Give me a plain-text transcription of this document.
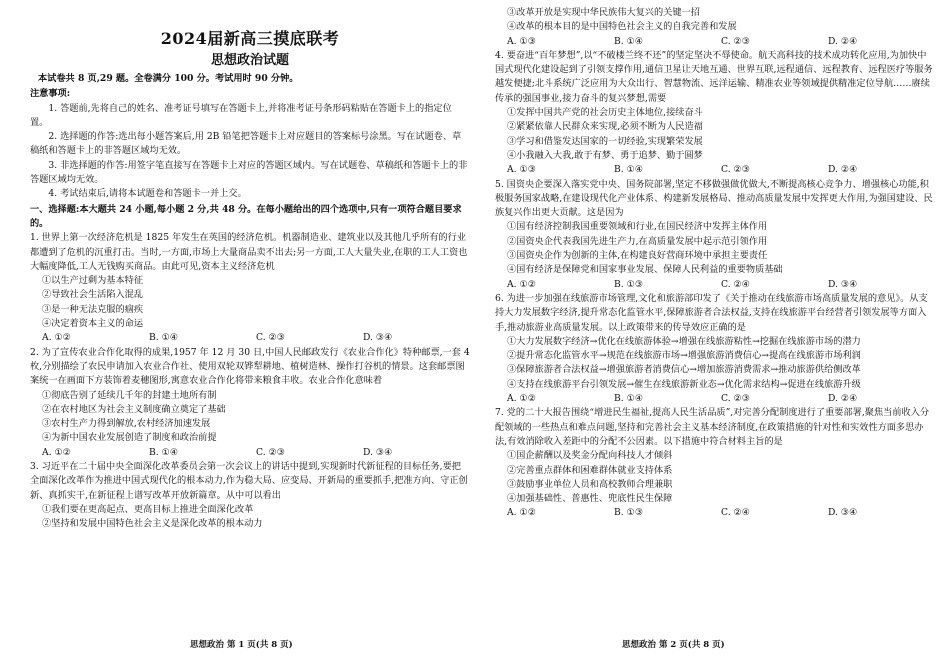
2024届新高三摸底联考
思想政治试题
本试卷共 8 页,29 题。全卷满分 100 分。考试用时 90 分钟。
注意事项:

1. 答题前,先将自己的姓名、准考证号填写在答题卡上,并将准考证号条形码粘贴在答题卡上的指定位置。

2. 选择题的作答:选出每小题答案后,用 2B 铅笔把答题卡上对应题目的答案标号涂黑。写在试题卷、草稿纸和答题卡上的非答题区域均无效。

3. 非选择题的作答:用签字笔直接写在答题卡上对应的答题区域内。写在试题卷、草稿纸和答题卡上的非答题区域均无效。

4. 考试结束后,请将本试题卷和答题卡一并上交。

一、选择题:本大题共 24 小题,每小题 2 分,共 48 分。在每小题给出的四个选项中,只有一项符合题目要求的。

1. 世界上第一次经济危机是 1825 年发生在英国的经济危机。机器制造业、建筑业以及其他几乎所有的行业都遭到了危机的沉重打击。当时,一方面,市场上大量商品卖不出去;另一方面,工人大量失业,在职的工人工资也大幅度降低,工人无钱购买商品。由此可见,资本主义经济危机

①以生产过剩为基本特征

②导致社会生活陷入混乱

③是一种无法克服的痼疾

④决定着资本主义的命运

A. ①②	B. ①④	C. ②③	D. ③④

2. 为了宣传农业合作化取得的成果,1957 年 12 月 30 日,中国人民邮政发行《农业合作化》特种邮票,一套 4 枚,分别描绘了农民申请加入农业合作社、使用双轮双铧犁耕地、植树造林、操作打谷机的情景。这套邮票图案统一在画面下方装饰着麦穗图形,寓意农业合作化将带来粮食丰收。农业合作化意味着

①彻底告别了延续几千年的封建土地所有制

②在农村地区为社会主义制度确立奠定了基础

③农村生产力得到解放,农村经济加速发展

④为新中国农业发展创造了制度和政治前提

A. ①②	B. ①④	C. ②③	D. ③④

3. 习近平在二十届中央全面深化改革委员会第一次会议上的讲话中提到,实现新时代新征程的目标任务,要把全面深化改革作为推进中国式现代化的根本动力,作为稳大局、应变局、开新局的重要抓手,把准方向、守正创新、真抓实干,在新征程上谱写改革开放新篇章。从中可以看出

①我们要在更高起点、更高目标上推进全面深化改革

②坚持和发展中国特色社会主义是深化改革的根本动力

思想政治 第 1 页(共 8 页)

③改革开放是实现中华民族伟大复兴的关键一招

④改革的根本目的是中国特色社会主义的自我完善和发展

A. ①③	B. ①④	C. ②③	D. ②④

4. 要奋进“百年梦想”,以“不破楼兰终不还”的坚定坚决不辱使命。航天高科技的技术成功转化应用,为加快中国式现代化建设起到了引领支撑作用,通信卫星让天地互通、世界互联,远程通信、远程教育、远程医疗等服务越发便捷;北斗系统广泛应用为大众出行、智慧物流、远洋运输、精准农业等领域提供精准定位导航……赓续传承的强国事业,接力奋斗的复兴梦想,需要

①发挥中国共产党的社会历史主体地位,接续奋斗

②紧紧依靠人民群众来实现,必须不断为人民造福

③学习和借鉴发达国家的一切经验,实现繁荣发展

④小我融入大我,敢于有梦、勇于追梦、勤于圆梦

A. ①③	B. ①④	C. ②③	D. ②④

5. 国资央企要深入落实党中央、国务院部署,坚定不移做强做优做大,不断提高核心竞争力、增强核心功能,积极服务国家战略,在建设现代化产业体系、构建新发展格局、推动高质量发展中发挥更大作用,为强国建设、民族复兴作出更大贡献。这是因为

①国有经济控制我国重要领域和行业,在国民经济中发挥主体作用

②国资央企代表我国先进生产力,在高质量发展中起示范引领作用

③国资央企作为创新的主体,在构建良好营商环境中承担主要责任

④国有经济是保障党和国家事业发展、保障人民利益的重要物质基础

A. ①②	B. ①③	C. ②④	D. ③④

6. 为进一步加强在线旅游市场管理,文化和旅游部印发了《关于推动在线旅游市场高质量发展的意见》。从支持大力发展数字经济,提升常态化监管水平,保障旅游者合法权益,支持在线旅游平台经营者引领发展等方面入手,推动旅游业高质量发展。以上政策带来的传导效应正确的是

①大力发展数字经济→优化在线旅游体验→增强在线旅游粘性→挖掘在线旅游市场的潜力

②提升常态化监管水平→规范在线旅游市场→增强旅游消费信心→提高在线旅游市场利润

③保障旅游者合法权益→增强旅游者消费信心→增加旅游消费需求→推动旅游供给侧改革

④支持在线旅游平台引领发展→催生在线旅游新业态→优化需求结构→促进在线旅游升级

A. ①②	B. ①④	C. ②③	D. ②④

7. 党的二十大报告围绕“增进民生福祉,提高人民生活品质”,对完善分配制度进行了重要部署,聚焦当前收入分配领域的一些热点和难点问题,坚持和完善社会主义基本经济制度,在政策措施的针对性和实效性方面多思办法,有效消除收入差距中的分配不公因素。以下措施中符合材料主旨的是

①国企薪酬以及奖金分配向科技人才倾斜

②完善重点群体和困难群体就业支持体系

③鼓励事业单位人员和高校教师合理兼职

④加强基础性、普惠性、兜底性民生保障

A. ①②	B. ①③	C. ②④	D. ③④
思想政治 第 2 页(共 8 页)
